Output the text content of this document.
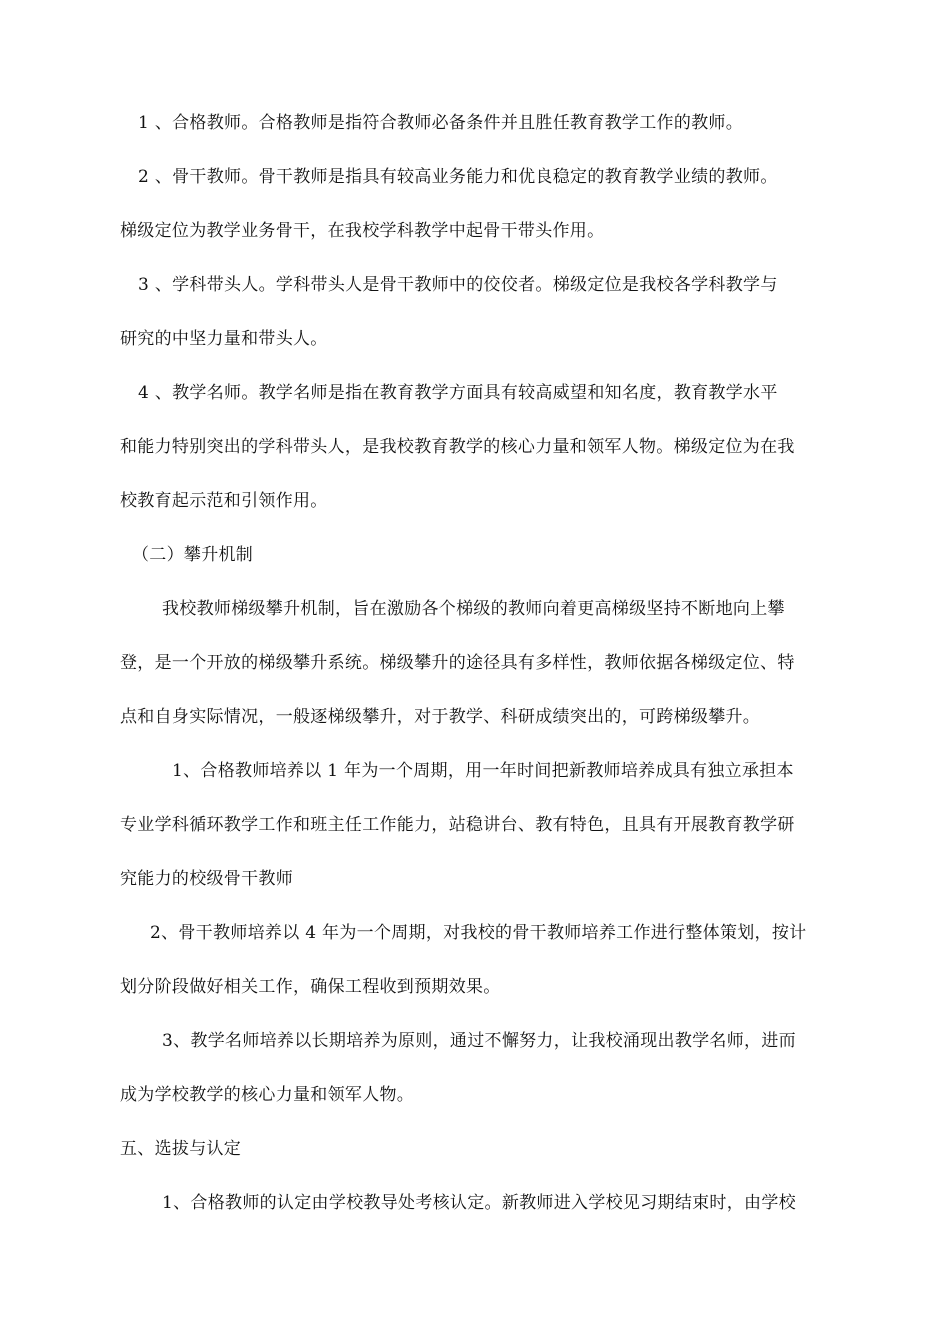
1 、合格教师。合格教师是指符合教师必备条件并且胜任教育教学工作的教师。
2 、骨干教师。骨干教师是指具有较高业务能力和优良稳定的教育教学业绩的教师。
梯级定位为教学业务骨干，在我校学科教学中起骨干带头作用。
3 、学科带头人。学科带头人是骨干教师中的佼佼者。梯级定位是我校各学科教学与
研究的中坚力量和带头人。
4 、教学名师。教学名师是指在教育教学方面具有较高威望和知名度，教育教学水平
和能力特别突出的学科带头人，是我校教育教学的核心力量和领军人物。梯级定位为在我
校教育起示范和引领作用。
（二）攀升机制
我校教师梯级攀升机制，旨在激励各个梯级的教师向着更高梯级坚持不断地向上攀
登，是一个开放的梯级攀升系统。梯级攀升的途径具有多样性，教师依据各梯级定位、特
点和自身实际情况，一般逐梯级攀升，对于教学、科研成绩突出的，可跨梯级攀升。
1、合格教师培养以 1 年为一个周期，用一年时间把新教师培养成具有独立承担本
专业学科循环教学工作和班主任工作能力，站稳讲台、教有特色，且具有开展教育教学研
究能力的校级骨干教师
2、骨干教师培养以 4 年为一个周期，对我校的骨干教师培养工作进行整体策划，按计
划分阶段做好相关工作，确保工程收到预期效果。
3、教学名师培养以长期培养为原则，通过不懈努力，让我校涌现出教学名师，进而
成为学校教学的核心力量和领军人物。
五、选拔与认定
1、合格教师的认定由学校教导处考核认定。新教师进入学校见习期结束时，由学校
